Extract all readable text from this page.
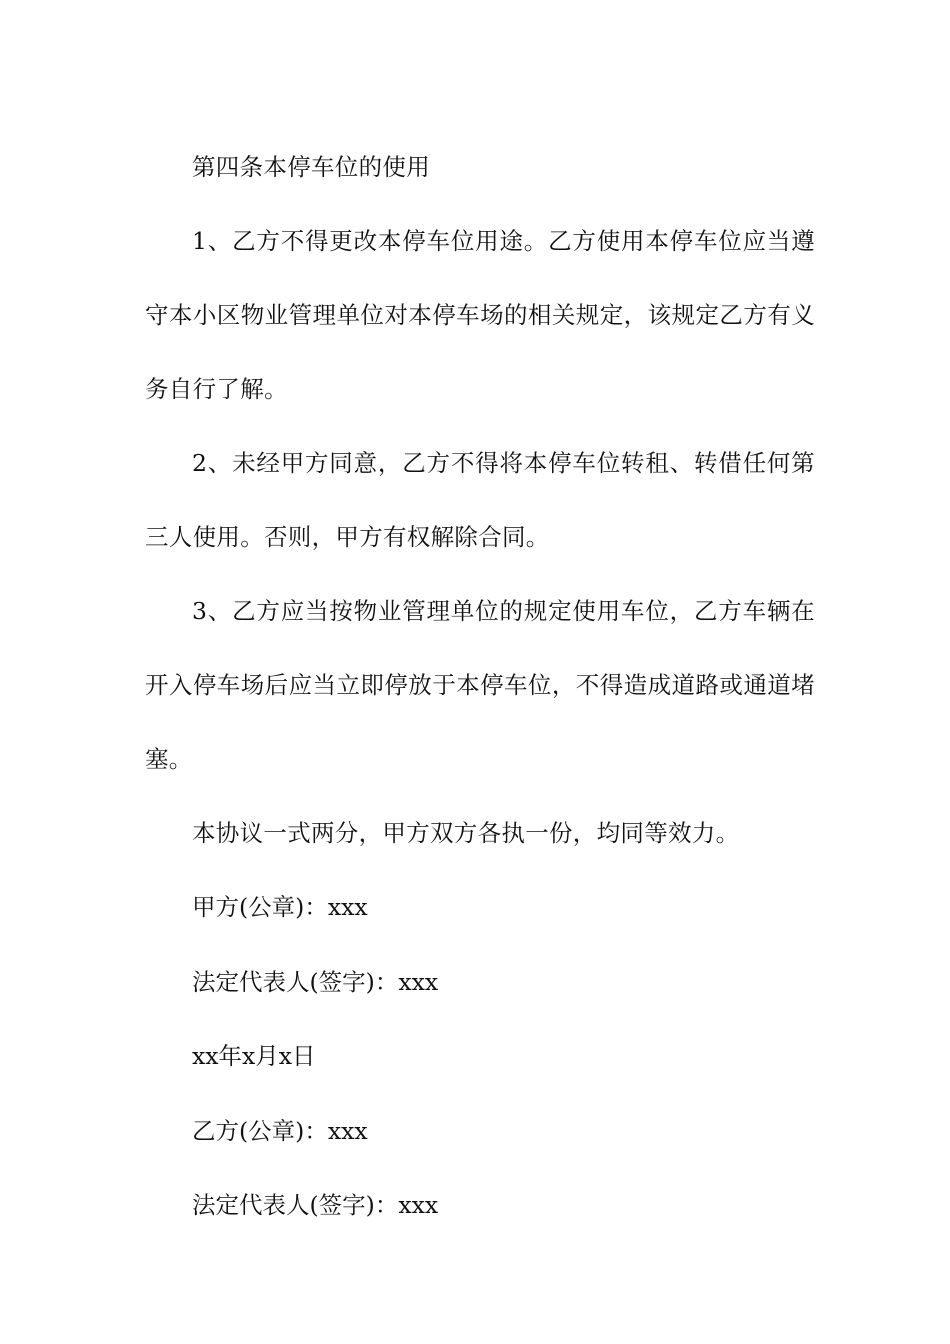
第四条本停车位的使用

1、乙方不得更改本停车位用途。乙方使用本停车位应当遵守本小区物业管理单位对本停车场的相关规定，该规定乙方有义务自行了解。

2、未经甲方同意，乙方不得将本停车位转租、转借任何第三人使用。否则，甲方有权解除合同。

3、乙方应当按物业管理单位的规定使用车位，乙方车辆在开入停车场后应当立即停放于本停车位，不得造成道路或通道堵塞。

本协议一式两分，甲方双方各执一份，均同等效力。

甲方(公章)：xxx

法定代表人(签字)：xxx

xx年x月x日

乙方(公章)：xxx

法定代表人(签字)：xxx
